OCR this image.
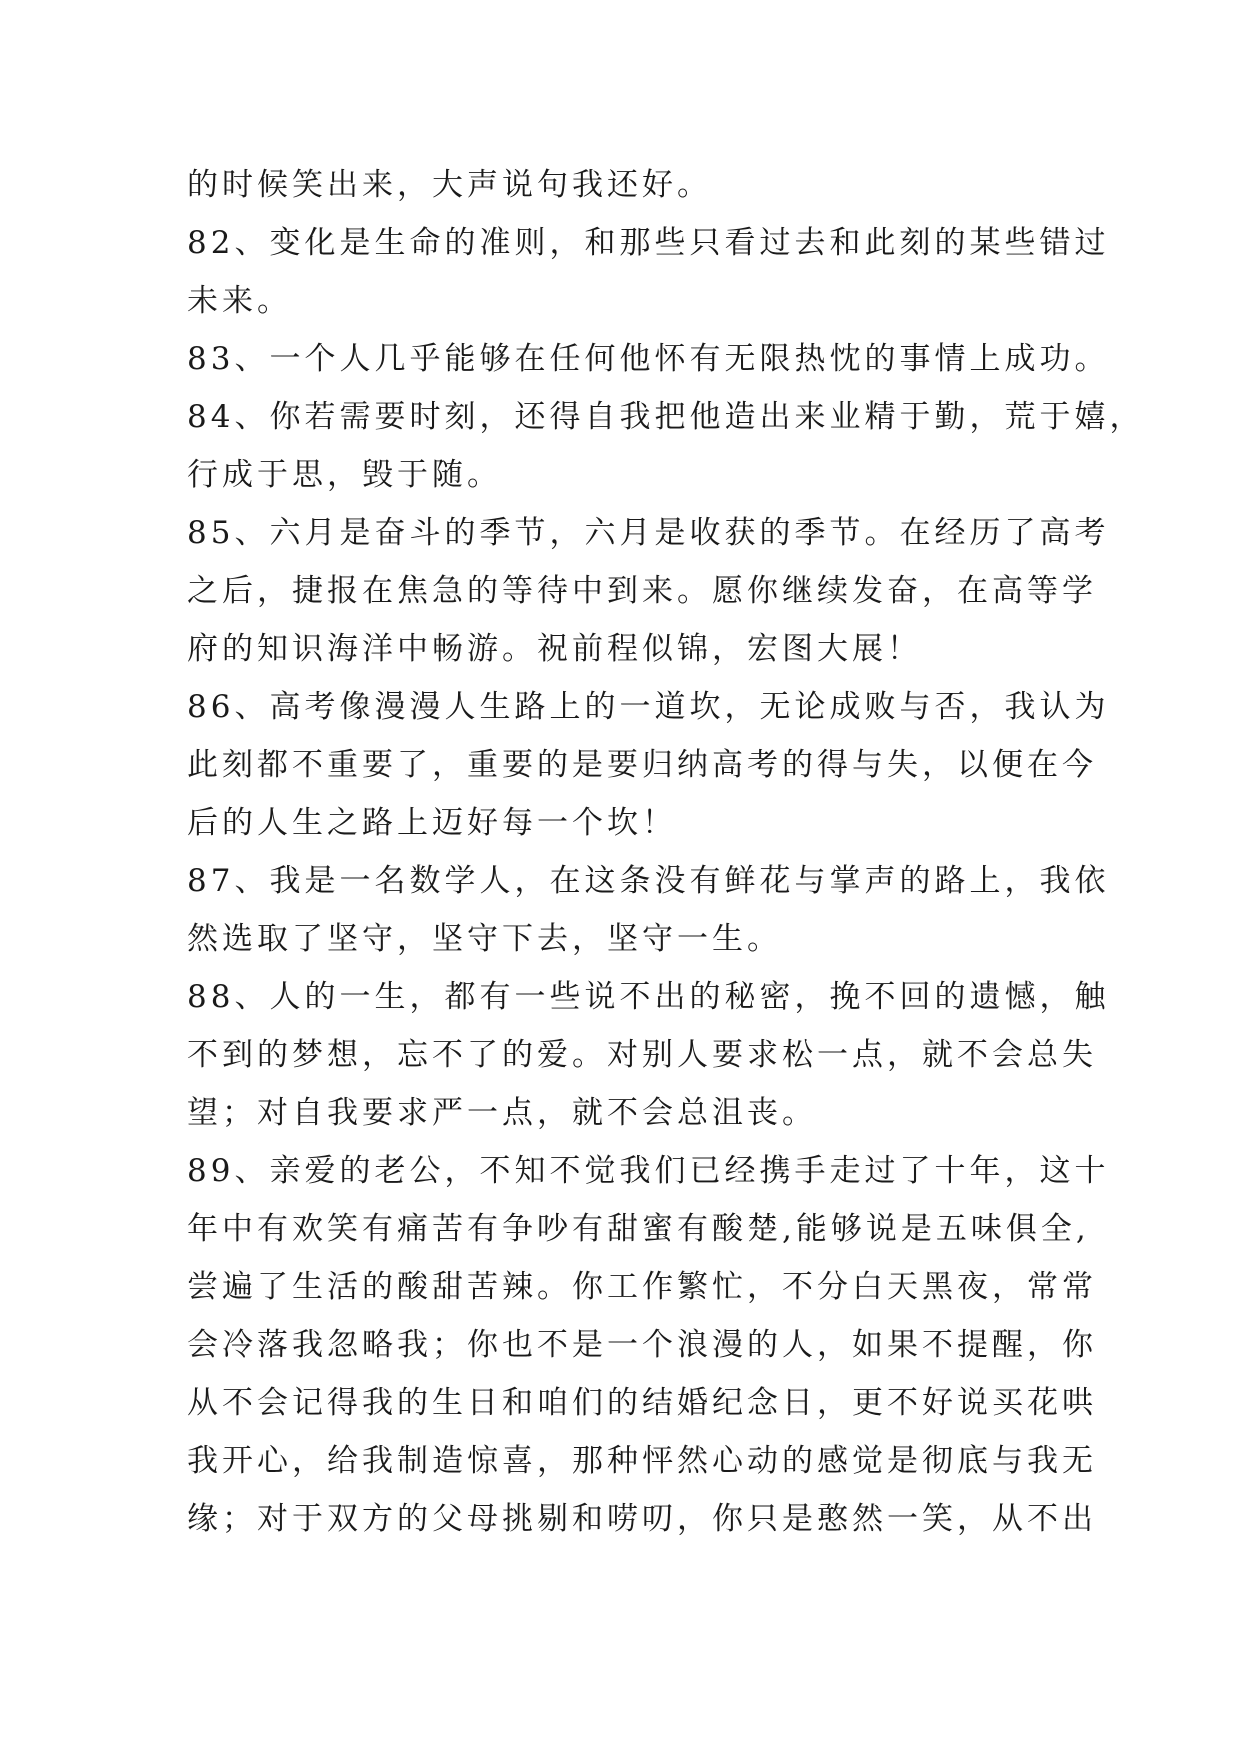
的时候笑出来，大声说句我还好。
82、变化是生命的准则，和那些只看过去和此刻的某些错过
未来。
83、一个人几乎能够在任何他怀有无限热忱的事情上成功。
84、你若需要时刻，还得自我把他造出来业精于勤，荒于嬉，
行成于思，毁于随。
85、六月是奋斗的季节，六月是收获的季节。在经历了高考
之后，捷报在焦急的等待中到来。愿你继续发奋，在高等学
府的知识海洋中畅游。祝前程似锦，宏图大展！
86、高考像漫漫人生路上的一道坎，无论成败与否，我认为
此刻都不重要了，重要的是要归纳高考的得与失，以便在今
后的人生之路上迈好每一个坎！
87、我是一名数学人，在这条没有鲜花与掌声的路上，我依
然选取了坚守，坚守下去，坚守一生。
88、人的一生，都有一些说不出的秘密，挽不回的遗憾，触
不到的梦想，忘不了的爱。对别人要求松一点，就不会总失
望；对自我要求严一点，就不会总沮丧。
89、亲爱的老公，不知不觉我们已经携手走过了十年，这十
年中有欢笑有痛苦有争吵有甜蜜有酸楚,能够说是五味俱全,
尝遍了生活的酸甜苦辣。你工作繁忙，不分白天黑夜，常常
会冷落我忽略我；你也不是一个浪漫的人，如果不提醒，你
从不会记得我的生日和咱们的结婚纪念日，更不好说买花哄
我开心，给我制造惊喜，那种怦然心动的感觉是彻底与我无
缘；对于双方的父母挑剔和唠叨，你只是憨然一笑，从不出
